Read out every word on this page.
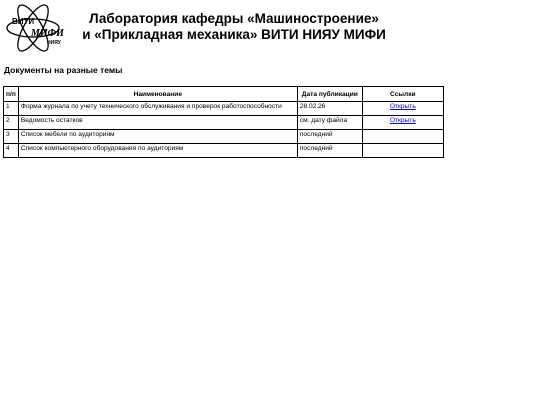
ВИТИ
МИФИ
НИЯУ
Лаборатория кафедры «Машиностроение»
и «Прикладная механика» ВИТИ НИЯУ МИФИ
Документы на разные темы
п/п	Наименование	Дата публикации	Ссылки
1	Форма журнала по учету технического обслуживания и проверок работоспособности	28.02.26	Открыть
2	Ведомость остатков	см. дату файла	Открыть
3	Список мебели по аудиториям	последний	
4	Список компьютерного оборудования по аудиториям	последний	
